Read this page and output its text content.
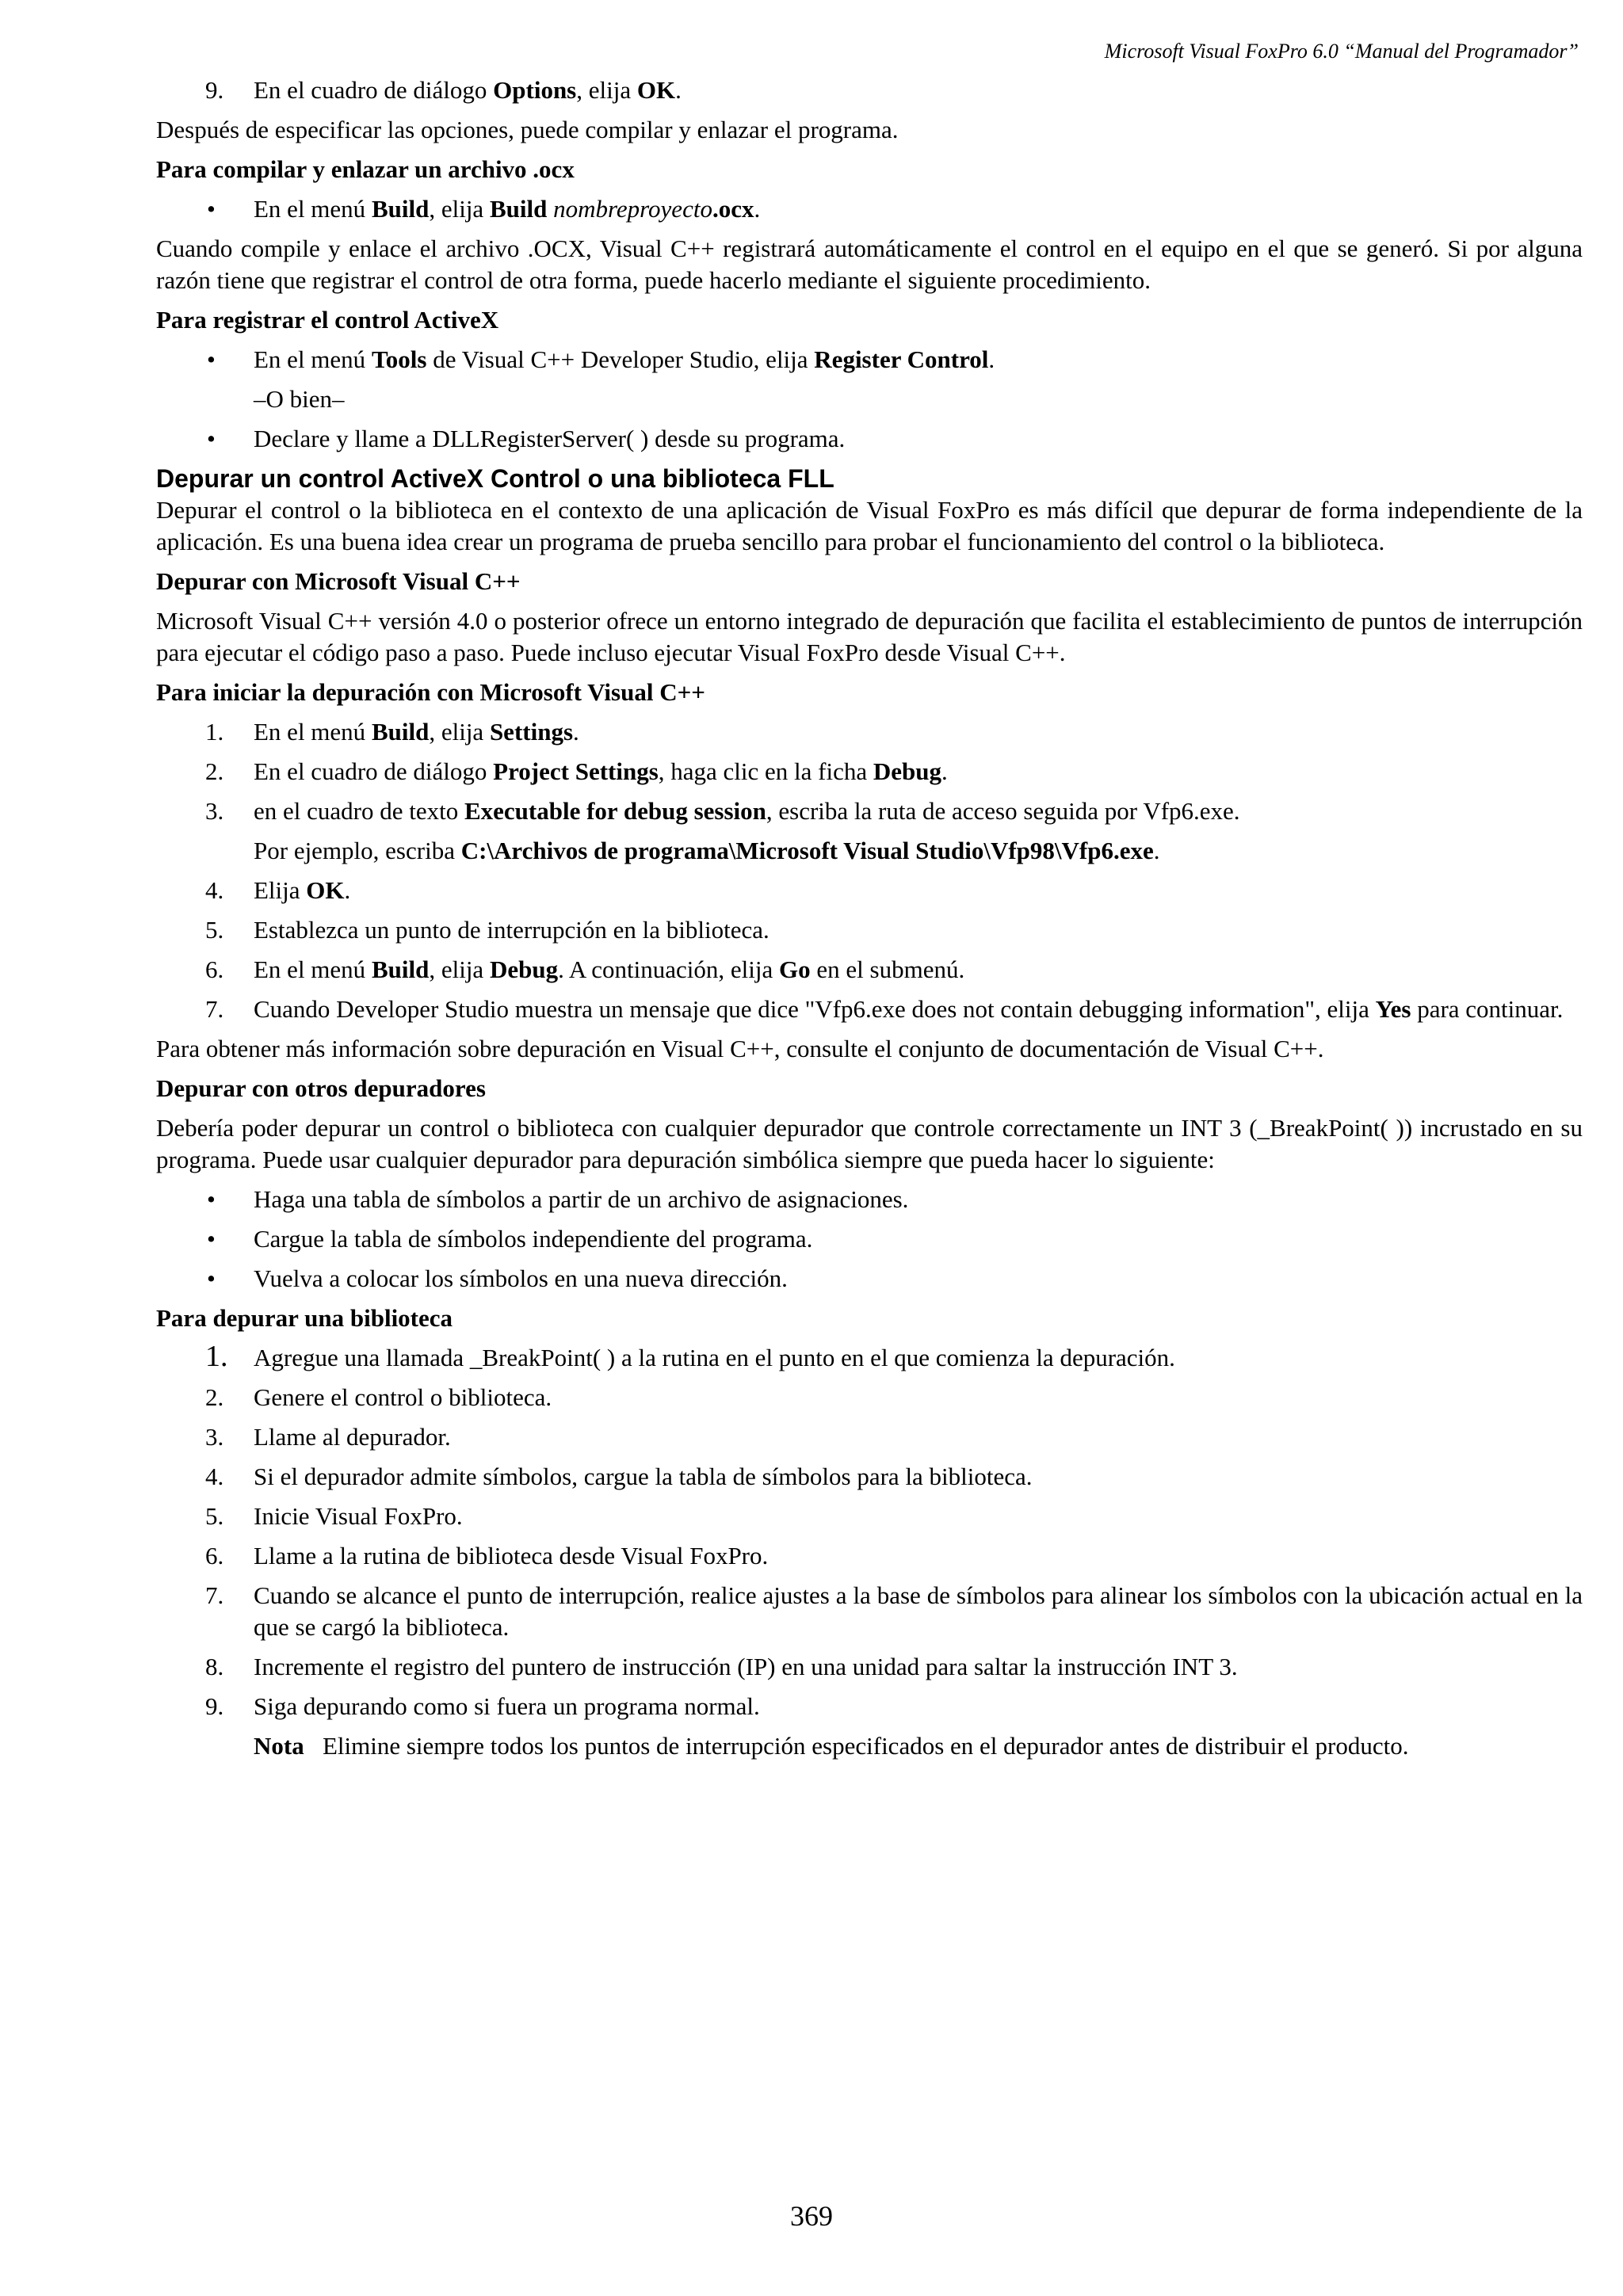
Microsoft Visual FoxPro 6.0 “Manual del Programador”
9. En el cuadro de diálogo Options, elija OK.

Después de especificar las opciones, puede compilar y enlazar el programa.

Para compilar y enlazar un archivo .ocx

• En el menú Build, elija Build nombreproyecto.ocx.

Cuando compile y enlace el archivo .OCX, Visual C++ registrará automáticamente el control en el equipo en el que se generó. Si por alguna razón tiene que registrar el control de otra forma, puede hacerlo mediante el siguiente procedimiento.

Para registrar el control ActiveX

• En el menú Tools de Visual C++ Developer Studio, elija Register Control.

–O bien–

• Declare y llame a DLLRegisterServer( ) desde su programa.

Depurar un control ActiveX Control o una biblioteca FLL

Depurar el control o la biblioteca en el contexto de una aplicación de Visual FoxPro es más difícil que depurar de forma independiente de la aplicación. Es una buena idea crear un programa de prueba sencillo para probar el funcionamiento del control o la biblioteca.

Depurar con Microsoft Visual C++

Microsoft Visual C++ versión 4.0 o posterior ofrece un entorno integrado de depuración que facilita el establecimiento de puntos de interrupción para ejecutar el código paso a paso. Puede incluso ejecutar Visual FoxPro desde Visual C++.

Para iniciar la depuración con Microsoft Visual C++

1. En el menú Build, elija Settings.
2. En el cuadro de diálogo Project Settings, haga clic en la ficha Debug.
3. en el cuadro de texto Executable for debug session, escriba la ruta de acceso seguida por Vfp6.exe.

Por ejemplo, escriba C:\Archivos de programa\Microsoft Visual Studio\Vfp98\Vfp6.exe.

4. Elija OK.
5. Establezca un punto de interrupción en la biblioteca.
6. En el menú Build, elija Debug. A continuación, elija Go en el submenú.
7. Cuando Developer Studio muestra un mensaje que dice "Vfp6.exe does not contain debugging information", elija Yes para continuar.

Para obtener más información sobre depuración en Visual C++, consulte el conjunto de documentación de Visual C++.

Depurar con otros depuradores

Debería poder depurar un control o biblioteca con cualquier depurador que controle correctamente un INT 3 (_BreakPoint( )) incrustado en su programa. Puede usar cualquier depurador para depuración simbólica siempre que pueda hacer lo siguiente:

• Haga una tabla de símbolos a partir de un archivo de asignaciones.
• Cargue la tabla de símbolos independiente del programa.
• Vuelva a colocar los símbolos en una nueva dirección.

Para depurar una biblioteca

1. Agregue una llamada _BreakPoint( ) a la rutina en el punto en el que comienza la depuración.
2. Genere el control o biblioteca.
3. Llame al depurador.
4. Si el depurador admite símbolos, cargue la tabla de símbolos para la biblioteca.
5. Inicie Visual FoxPro.
6. Llame a la rutina de biblioteca desde Visual FoxPro.
7. Cuando se alcance el punto de interrupción, realice ajustes a la base de símbolos para alinear los símbolos con la ubicación actual en la que se cargó la biblioteca.
8. Incremente el registro del puntero de instrucción (IP) en una unidad para saltar la instrucción INT 3.
9. Siga depurando como si fuera un programa normal.

Nota Elimine siempre todos los puntos de interrupción especificados en el depurador antes de distribuir el producto.

369
